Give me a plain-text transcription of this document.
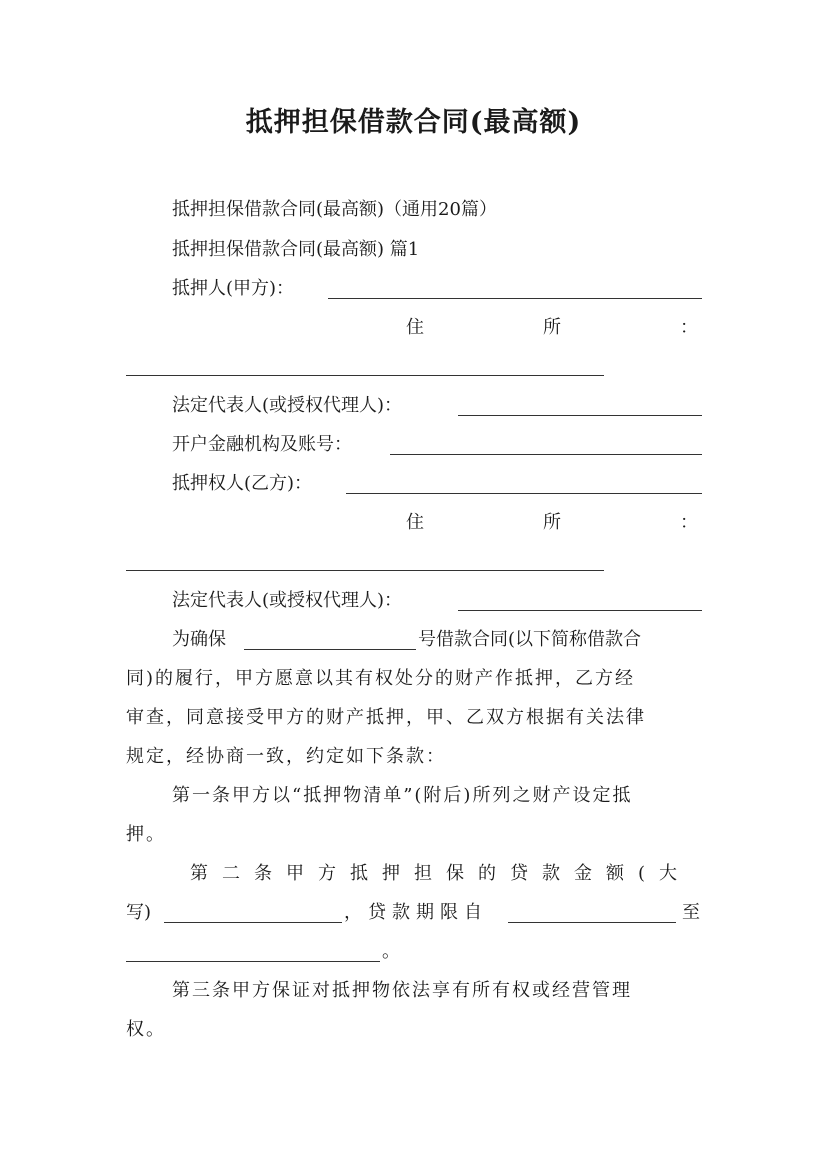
抵押担保借款合同(最高额)
抵押担保借款合同(最高额)（通用20篇）
抵押担保借款合同(最高额) 篇1
抵押人(甲方)：
住	所	：
法定代表人(或授权代理人)：
开户金融机构及账号：
抵押权人(乙方)：
住	所	：
法定代表人(或授权代理人)：
为确保	号借款合同(以下简称借款合
同)的履行，甲方愿意以其有权处分的财产作抵押，乙方经
审查，同意接受甲方的财产抵押，甲、乙双方根据有关法律
规定，经协商一致，约定如下条款：
第一条甲方以“抵押物清单”(附后)所列之财产设定抵
押。
第二条甲方抵押担保的贷款金额(大
写)	，贷款期限自	至
。
第三条甲方保证对抵押物依法享有所有权或经营管理
权。
